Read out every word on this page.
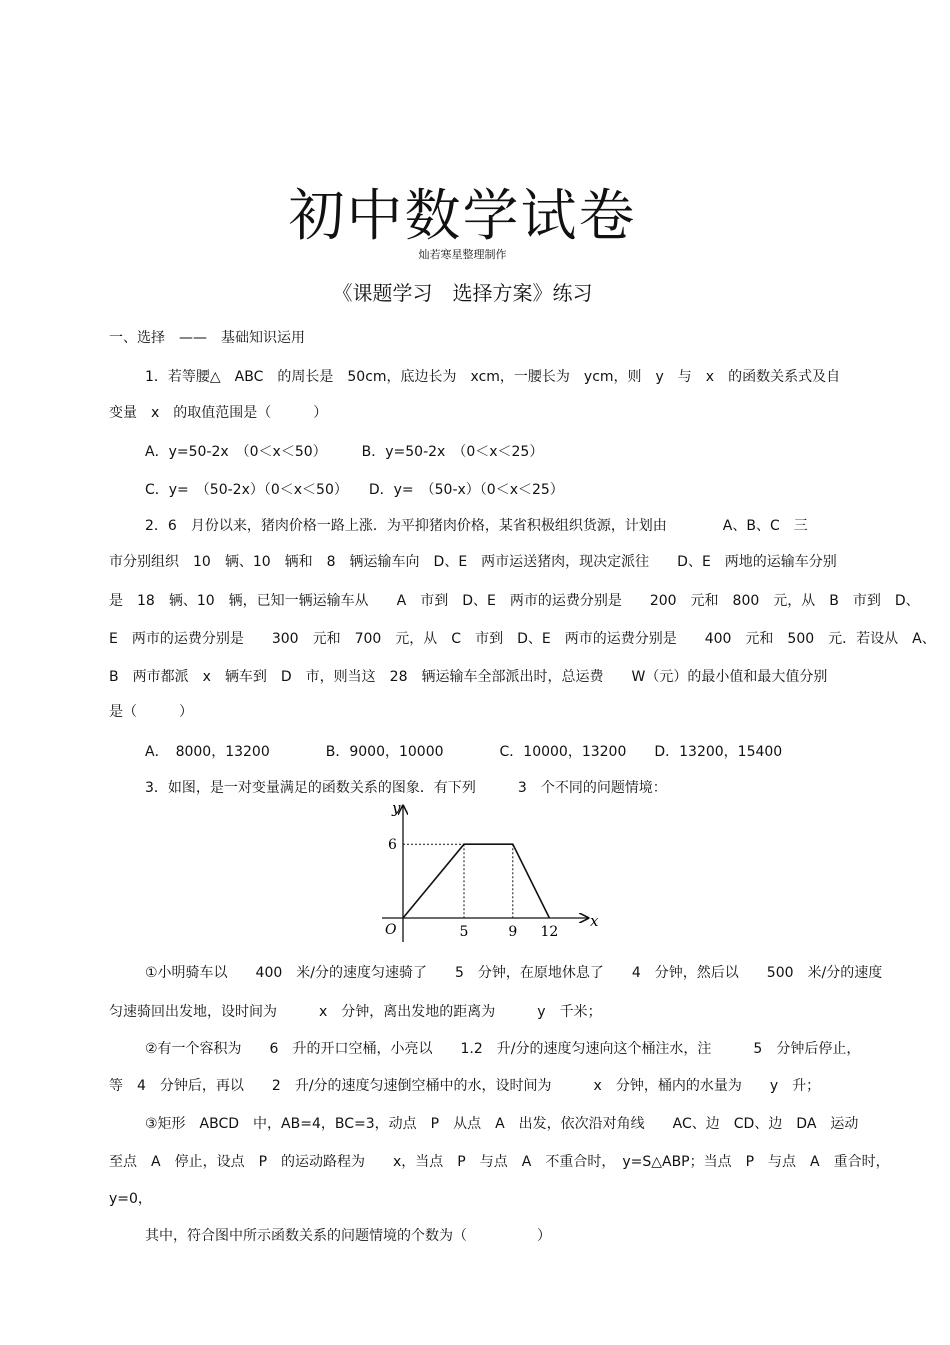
初中数学试卷
灿若寒星整理制作
《课题学习　选择方案》练习
一、选择　——　基础知识运用
1．若等腰△　ABC　的周长是　50cm，底边长为　xcm，一腰长为　ycm，则　y　与　x　的函数关系式及自
变量　x　的取值范围是（　　　）
A．y=50-2x　（0＜x＜50）　　　B．y=50-2x　（0＜x＜25）
C．y=　（50-2x）（0＜x＜50）　　D．y=　（50-x）（0＜x＜25）
2．6　月份以来，猪肉价格一路上涨．为平抑猪肉价格，某省积极组织货源，计划由　　　　A、B、C　三
市分别组织　10　辆、10　辆和　8　辆运输车向　D、E　两市运送猪肉，现决定派往　　D、E　两地的运输车分别
是　18　辆、10　辆，已知一辆运输车从　　A　市到　D、E　两市的运费分别是　　200　元和　800　元，从　B　市到　D、
E　两市的运费分别是　　300　元和　700　元，从　C　市到　D、E　两市的运费分别是　　400　元和　500　元．若设从　A、
B　两市都派　x　辆车到　D　市，则当这　28　辆运输车全部派出时，总运费　　W（元）的最小值和最大值分别
是（　　　）
A．　8000，13200　　　　B．9000，10000　　　　C．10000，13200　　D．13200，15400
3．如图，是一对变量满足的函数关系的图象．有下列　　　3　个不同的问题情境：
y
x
O
6
5	9 12
①小明骑车以　　400　米/分的速度匀速骑了　　5　分钟，在原地休息了　　4　分钟，然后以　　500　米/分的速度
匀速骑回出发地，设时间为　　　x　分钟，离出发地的距离为　　　y　千米；
②有一个容积为　　6　升的开口空桶，小亮以　　1.2　升/分的速度匀速向这个桶注水，注　　　5　分钟后停止，
等　4　分钟后，再以　　2　升/分的速度匀速倒空桶中的水，设时间为　　　x　分钟，桶内的水量为　　y　升；
③矩形　ABCD　中，AB=4，BC=3，动点　P　从点　A　出发，依次沿对角线　　AC、边　CD、边　DA　运动
至点　A　停止，设点　P　的运动路程为　　x，当点　P　与点　A　不重合时，　y=S△ABP；当点　P　与点　A　重合时，
y=0，
其中，符合图中所示函数关系的问题情境的个数为（　　　　　）
